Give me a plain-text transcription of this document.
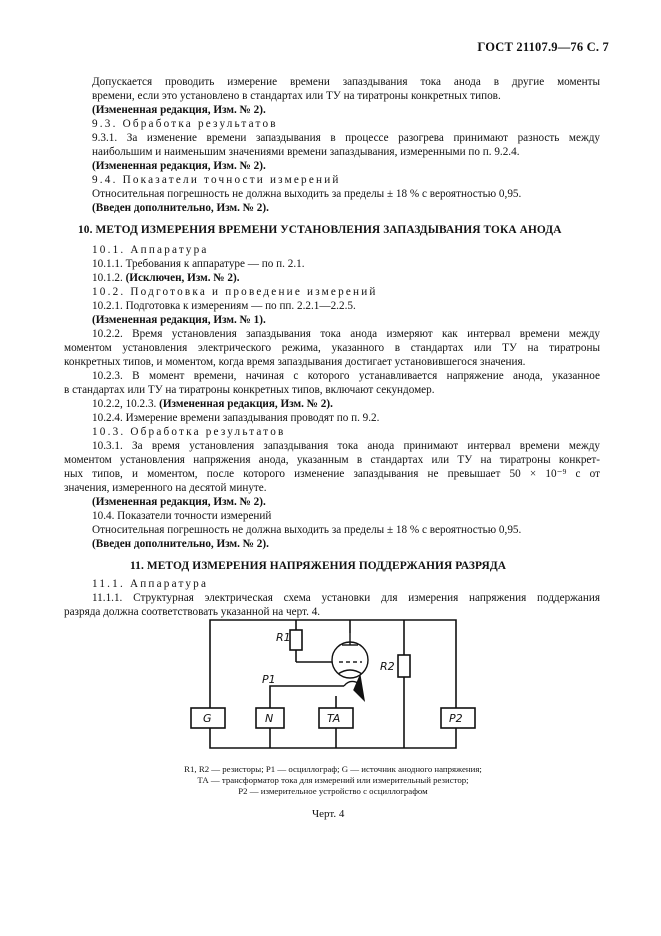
ГОСТ 21107.9—76 С. 7
Допускается проводить измерение времени запаздывания тока анода в другие моменты
времени, если это установлено в стандартах или ТУ на тиратроны конкретных типов.
(Измененная редакция, Изм. № 2).
9.3. Обработка результатов
9.3.1. За изменение времени запаздывания в процессе разогрева принимают разность между
наибольшим и наименьшим значениями времени запаздывания, измеренными по п. 9.2.4.
(Измененная редакция, Изм. № 2).
9.4. Показатели точности измерений
Относительная погрешность не должна выходить за пределы ± 18 % с вероятностью 0,95.
(Введен дополнительно, Изм. № 2).
10. МЕТОД ИЗМЕРЕНИЯ ВРЕМЕНИ УСТАНОВЛЕНИЯ ЗАПАЗДЫВАНИЯ ТОКА АНОДА
10.1. Аппаратура
10.1.1. Требования к аппаратуре — по п. 2.1.
10.1.2. (Исключен, Изм. № 2).
10.2. Подготовка и проведение измерений
10.2.1. Подготовка к измерениям — по пп. 2.2.1—2.2.5.
(Измененная редакция, Изм. № 1).
10.2.2. Время установления запаздывания тока анода измеряют как интервал времени между
моментом установления электрического режима, указанного в стандартах или ТУ на тиратроны
конкретных типов, и моментом, когда время запаздывания достигает установившегося значения.
10.2.3. В момент времени, начиная с которого устанавливается напряжение анода, указанное
в стандартах или ТУ на тиратроны конкретных типов, включают секундомер.
10.2.2, 10.2.3. (Измененная редакция, Изм. № 2).
10.2.4. Измерение времени запаздывания проводят по п. 9.2.
10.3. Обработка результатов
10.3.1. За время установления запаздывания тока анода принимают интервал времени между
моментом установления напряжения анода, указанным в стандартах или ТУ на тиратроны конкрет-
ных типов, и моментом, после которого изменение запаздывания не превышает 50 × 10⁻⁹ с от
значения, измеренного на десятой минуте.
(Измененная редакция, Изм. № 2).
10.4. Показатели точности измерений
Относительная погрешность не должна выходить за пределы ± 18 % с вероятностью 0,95.
(Введен дополнительно, Изм. № 2).
11. МЕТОД ИЗМЕРЕНИЯ НАПРЯЖЕНИЯ ПОДДЕРЖАНИЯ РАЗРЯДА
11.1. Аппаратура
11.1.1. Структурная электрическая схема установки для измерения напряжения поддержания
разряда должна соответствовать указанной на черт. 4.
R1
R2
P1
G	N	TA	P2
R1, R2 — резисторы; P1 — осциллограф; G — источник анодного напряжения;
ТА — трансформатор тока для измерений или измерительный резистор;
P2 — измерительное устройство с осциллографом
Черт. 4
